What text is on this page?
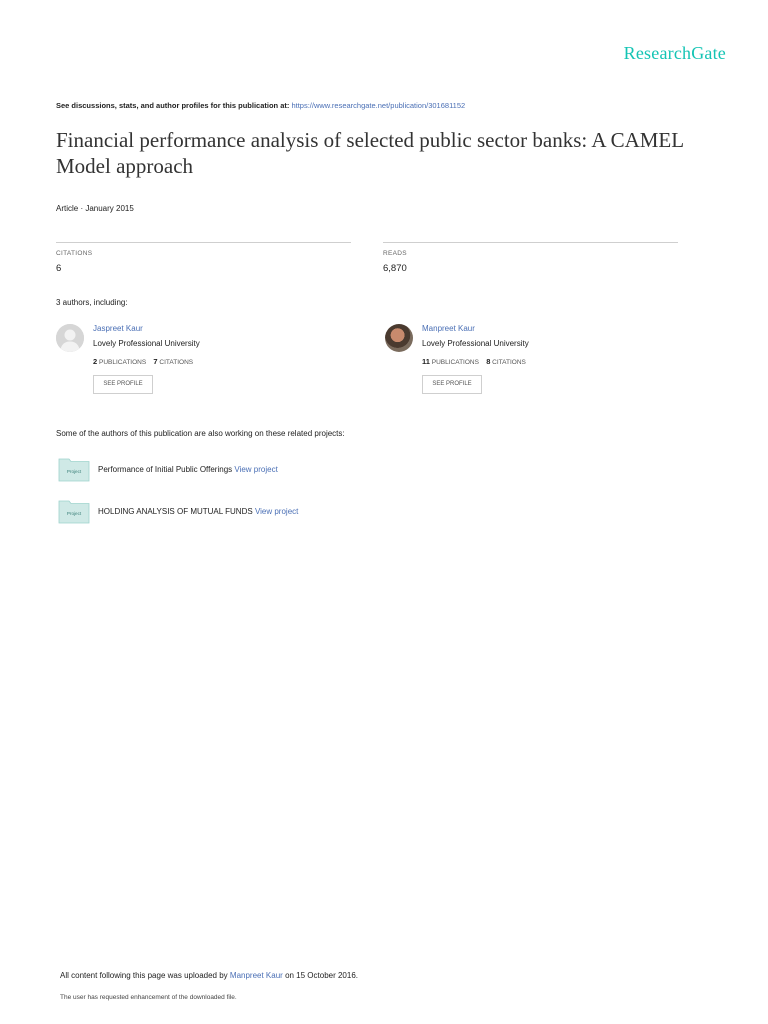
ResearchGate
See discussions, stats, and author profiles for this publication at: https://www.researchgate.net/publication/301681152
Financial performance analysis of selected public sector banks: A CAMEL Model approach
Article · January 2015
CITATIONS
6
READS
6,870
3 authors, including:
Jaspreet Kaur
Lovely Professional University
2 PUBLICATIONS 7 CITATIONS
SEE PROFILE
Manpreet Kaur
Lovely Professional University
11 PUBLICATIONS 8 CITATIONS
SEE PROFILE
Some of the authors of this publication are also working on these related projects:
Project Performance of Initial Public Offerings View project
Project HOLDING ANALYSIS OF MUTUAL FUNDS View project
All content following this page was uploaded by Manpreet Kaur on 15 October 2016.
The user has requested enhancement of the downloaded file.
